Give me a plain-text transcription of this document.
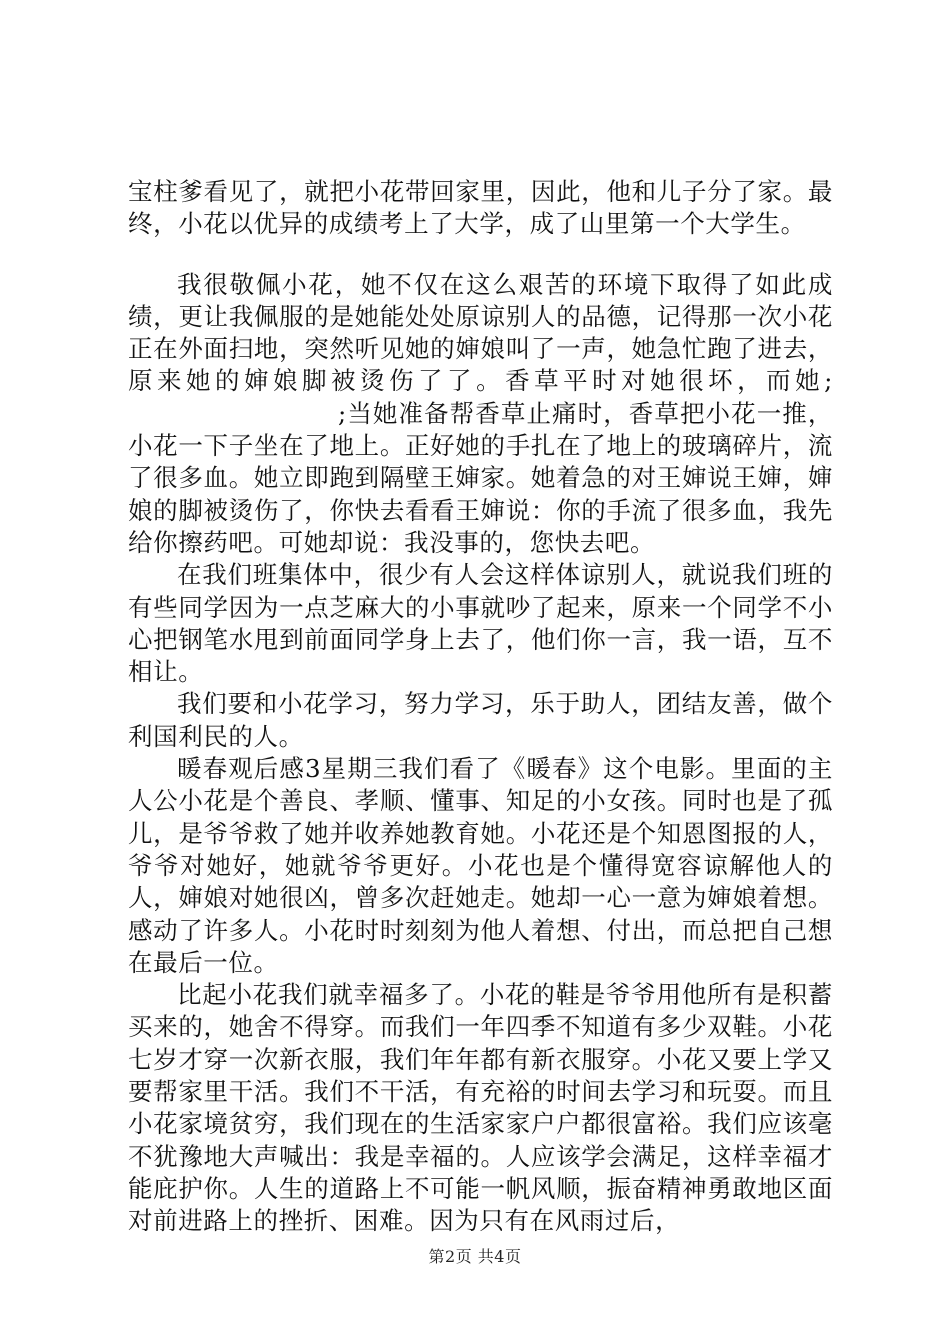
宝柱爹看见了，就把小花带回家里，因此，他和儿子分了家。最终，小花以优异的成绩考上了大学，成了山里第一个大学生。

我很敬佩小花，她不仅在这么艰苦的环境下取得了如此成绩，更让我佩服的是她能处处原谅别人的品德，记得那一次小花正在外面扫地，突然听见她的婶娘叫了一声，她急忙跑了进去，原来她的婶娘脚被烫伤了了。香草平时对她很坏，而她;;当她准备帮香草止痛时，香草把小花一推，小花一下子坐在了地上。正好她的手扎在了地上的玻璃碎片，流了很多血。她立即跑到隔壁王婶家。她着急的对王婶说王婶，婶娘的脚被烫伤了，你快去看看王婶说：你的手流了很多血，我先给你擦药吧。可她却说：我没事的，您快去吧。

在我们班集体中，很少有人会这样体谅别人，就说我们班的有些同学因为一点芝麻大的小事就吵了起来，原来一个同学不小心把钢笔水甩到前面同学身上去了，他们你一言，我一语，互不相让。

我们要和小花学习，努力学习，乐于助人，团结友善，做个利国利民的人。

暖春观后感3星期三我们看了《暖春》这个电影。里面的主人公小花是个善良、孝顺、懂事、知足的小女孩。同时也是了孤儿，是爷爷救了她并收养她教育她。小花还是个知恩图报的人，爷爷对她好，她就爷爷更好。小花也是个懂得宽容谅解他人的人，婶娘对她很凶，曾多次赶她走。她却一心一意为婶娘着想。感动了许多人。小花时时刻刻为他人着想、付出，而总把自己想在最后一位。

比起小花我们就幸福多了。小花的鞋是爷爷用他所有是积蓄买来的，她舍不得穿。而我们一年四季不知道有多少双鞋。小花七岁才穿一次新衣服，我们年年都有新衣服穿。小花又要上学又要帮家里干活。我们不干活，有充裕的时间去学习和玩耍。而且小花家境贫穷，我们现在的生活家家户户都很富裕。我们应该毫不犹豫地大声喊出：我是幸福的。人应该学会满足，这样幸福才能庇护你。人生的道路上不可能一帆风顺，振奋精神勇敢地区面对前进路上的挫折、困难。因为只有在风雨过后，

第2页 共4页
